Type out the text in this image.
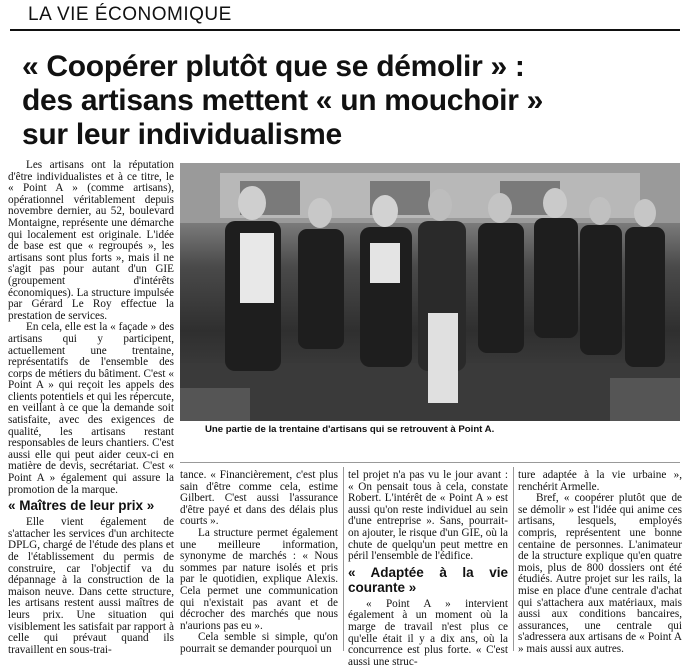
LA VIE ÉCONOMIQUE
« Coopérer plutôt que se démolir » :
des artisans mettent « un mouchoir »
sur leur individualisme

Les artisans ont la réputation d'être individualistes et à ce titre, le « Point A » (comme artisans), opérationnel véritablement depuis novembre dernier, au 52, boulevard Montaigne, représente une démarche qui localement est originale. L'idée de base est que « regroupés », les artisans sont plus forts », mais il ne s'agit pas pour autant d'un GIE (groupement d'intérêts économiques). La structure impulsée par Gérard Le Roy effectue la prestation de services.

En cela, elle est la « façade » des artisans qui y participent, actuellement une trentaine, représentatifs de l'ensemble des corps de métiers du bâtiment. C'est « Point A » qui reçoit les appels des clients potentiels et qui les répercute, en veillant à ce que la demande soit satisfaite, avec des exigences de qualité, les artisans restant responsables de leurs chantiers. C'est aussi elle qui peut aider ceux-ci en matière de devis, secrétariat. C'est « Point A » également qui assure la promotion de la marque.

« Maîtres de leur prix »

Elle vient également de s'attacher les services d'un architecte DPLG, chargé de l'étude des plans et de l'établissement du permis de construire, car l'objectif va du dépannage à la construction de la maison neuve. Dans cette structure, les artisans restent aussi maîtres de leurs prix. Une situation qui visiblement les satisfait par rapport à celle qui prévaut quand ils travaillent en sous-trai-

Une partie de la trentaine d'artisans qui se retrouvent à Point A.

tance. « Financièrement, c'est plus sain d'être comme cela, estime Gilbert. C'est aussi l'assurance d'être payé et dans des délais plus courts ».

La structure permet également une meilleure information, synonyme de marchés : « Nous sommes par nature isolés et pris par le quotidien, explique Alexis. Cela permet une communication qui n'existait pas avant et de décrocher des marchés que nous n'aurions pas eu ».

Cela semble si simple, qu'on pourrait se demander pourquoi un

tel projet n'a pas vu le jour avant : « On pensait tous à cela, constate Robert. L'intérêt de « Point A » est aussi qu'on reste individuel au sein d'une entreprise ». Sans, pourrait-on ajouter, le risque d'un GIE, où la chute de quelqu'un peut mettre en péril l'ensemble de l'édifice.

« Adaptée à la vie courante »

« Point A » intervient également à un moment où la marge de travail n'est plus ce qu'elle était il y a dix ans, où la concurrence est plus forte. « C'est aussi une struc-

ture adaptée à la vie urbaine », renchérit Armelle.

Bref, « coopérer plutôt que de se démolir » est l'idée qui anime ces artisans, lesquels, employés compris, représentent une bonne centaine de personnes. L'animateur de la structure explique qu'en quatre mois, plus de 800 dossiers ont été étudiés. Autre projet sur les rails, la mise en place d'une centrale d'achat qui s'attachera aux matériaux, mais aussi aux conditions bancaires, assurances, une centrale qui s'adressera aux artisans de « Point A » mais aussi aux autres.
